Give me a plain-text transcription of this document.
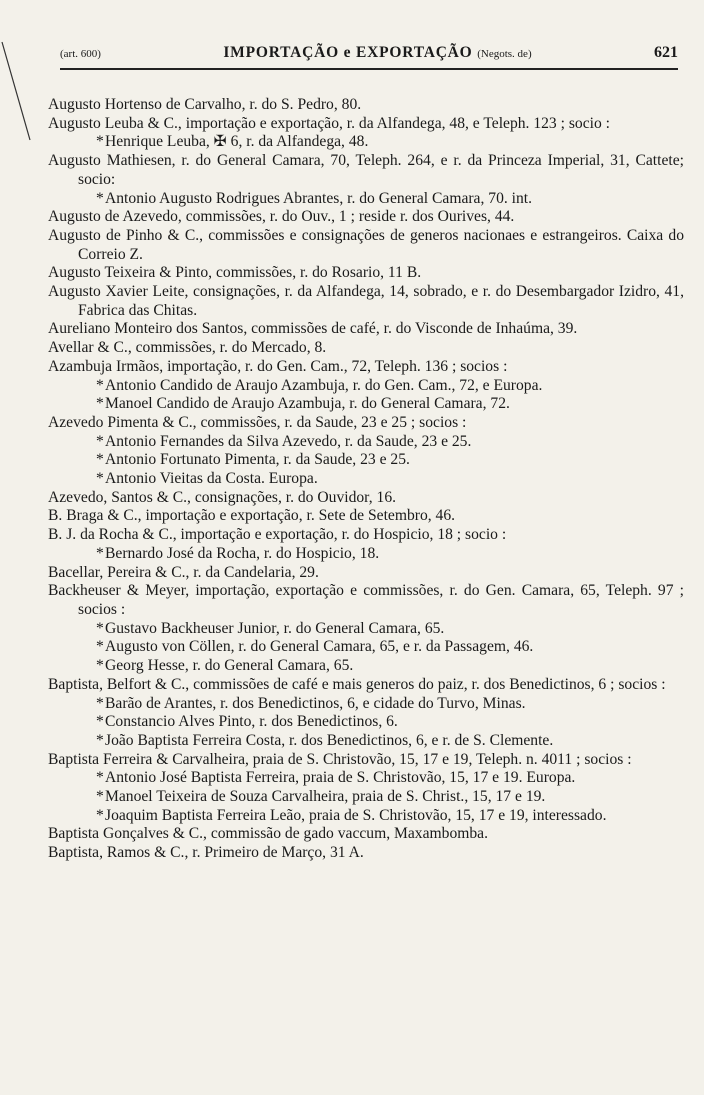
(art. 600)	IMPORTAÇÃO e EXPORTAÇÃO (Negots. de)	621

Augusto Hortenso de Carvalho, r. do S. Pedro, 80.

Augusto Leuba & C., importação e exportação, r. da Alfandega, 48, e Teleph. 123 ; socio :

*Henrique Leuba, ✠ 6, r. da Alfandega, 48.

Augusto Mathiesen, r. do General Camara, 70, Teleph. 264, e r. da Princeza Imperial, 31, Cattete; socio:

*Antonio Augusto Rodrigues Abrantes, r. do General Camara, 70. int.

Augusto de Azevedo, commissões, r. do Ouv., 1 ; reside r. dos Ourives, 44.

Augusto de Pinho & C., commissões e consignações de generos nacionaes e estrangeiros. Caixa do Correio Z.

Augusto Teixeira & Pinto, commissões, r. do Rosario, 11 B.

Augusto Xavier Leite, consignações, r. da Alfandega, 14, sobrado, e r. do Desembargador Izidro, 41, Fabrica das Chitas.

Aureliano Monteiro dos Santos, commissões de café, r. do Visconde de Inhaúma, 39.

Avellar & C., commissões, r. do Mercado, 8.

Azambuja Irmãos, importação, r. do Gen. Cam., 72, Teleph. 136 ; socios :

*Antonio Candido de Araujo Azambuja, r. do Gen. Cam., 72, e Europa.

*Manoel Candido de Araujo Azambuja, r. do General Camara, 72.

Azevedo Pimenta & C., commissões, r. da Saude, 23 e 25 ; socios :

*Antonio Fernandes da Silva Azevedo, r. da Saude, 23 e 25.

*Antonio Fortunato Pimenta, r. da Saude, 23 e 25.

*Antonio Vieitas da Costa. Europa.

Azevedo, Santos & C., consignações, r. do Ouvidor, 16.

B. Braga & C., importação e exportação, r. Sete de Setembro, 46.

B. J. da Rocha & C., importação e exportação, r. do Hospicio, 18 ; socio :

*Bernardo José da Rocha, r. do Hospicio, 18.

Bacellar, Pereira & C., r. da Candelaria, 29.

Backheuser & Meyer, importação, exportação e commissões, r. do Gen. Camara, 65, Teleph. 97 ; socios :

*Gustavo Backheuser Junior, r. do General Camara, 65.

*Augusto von Cöllen, r. do General Camara, 65, e r. da Passagem, 46.

*Georg Hesse, r. do General Camara, 65.

Baptista, Belfort & C., commissões de café e mais generos do paiz, r. dos Benedictinos, 6 ; socios :

*Barão de Arantes, r. dos Benedictinos, 6, e cidade do Turvo, Minas.

*Constancio Alves Pinto, r. dos Benedictinos, 6.

*João Baptista Ferreira Costa, r. dos Benedictinos, 6, e r. de S. Clemente.

Baptista Ferreira & Carvalheira, praia de S. Christovão, 15, 17 e 19, Teleph. n. 4011 ; socios :

*Antonio José Baptista Ferreira, praia de S. Christovão, 15, 17 e 19. Europa.

*Manoel Teixeira de Souza Carvalheira, praia de S. Christ., 15, 17 e 19.

*Joaquim Baptista Ferreira Leão, praia de S. Christovão, 15, 17 e 19, interessado.

Baptista Gonçalves & C., commissão de gado vaccum, Maxambomba.

Baptista, Ramos & C., r. Primeiro de Março, 31 A.
